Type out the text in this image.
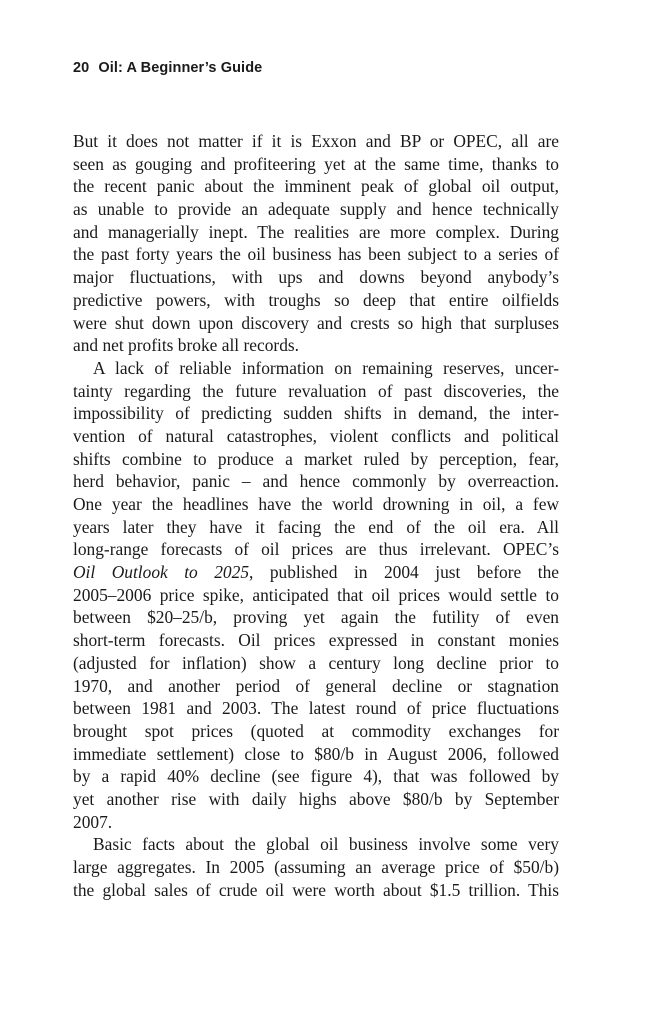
20 Oil: A Beginner’s Guide
But it does not matter if it is Exxon and BP or OPEC, all are
seen as gouging and profiteering yet at the same time, thanks to
the recent panic about the imminent peak of global oil output,
as unable to provide an adequate supply and hence technically
and managerially inept. The realities are more complex. During
the past forty years the oil business has been subject to a series of
major fluctuations, with ups and downs beyond anybody’s
predictive powers, with troughs so deep that entire oilfields
were shut down upon discovery and crests so high that surpluses
and net profits broke all records.
A lack of reliable information on remaining reserves, uncer-
tainty regarding the future revaluation of past discoveries, the
impossibility of predicting sudden shifts in demand, the inter-
vention of natural catastrophes, violent conflicts and political
shifts combine to produce a market ruled by perception, fear,
herd behavior, panic – and hence commonly by overreaction.
One year the headlines have the world drowning in oil, a few
years later they have it facing the end of the oil era. All
long-range forecasts of oil prices are thus irrelevant. OPEC’s
Oil Outlook to 2025, published in 2004 just before the
2005–2006 price spike, anticipated that oil prices would settle to
between $20–25/b, proving yet again the futility of even
short-term forecasts. Oil prices expressed in constant monies
(adjusted for inflation) show a century long decline prior to
1970, and another period of general decline or stagnation
between 1981 and 2003. The latest round of price fluctuations
brought spot prices (quoted at commodity exchanges for
immediate settlement) close to $80/b in August 2006, followed
by a rapid 40% decline (see figure 4), that was followed by
yet another rise with daily highs above $80/b by September
2007.
Basic facts about the global oil business involve some very
large aggregates. In 2005 (assuming an average price of $50/b)
the global sales of crude oil were worth about $1.5 trillion. This
